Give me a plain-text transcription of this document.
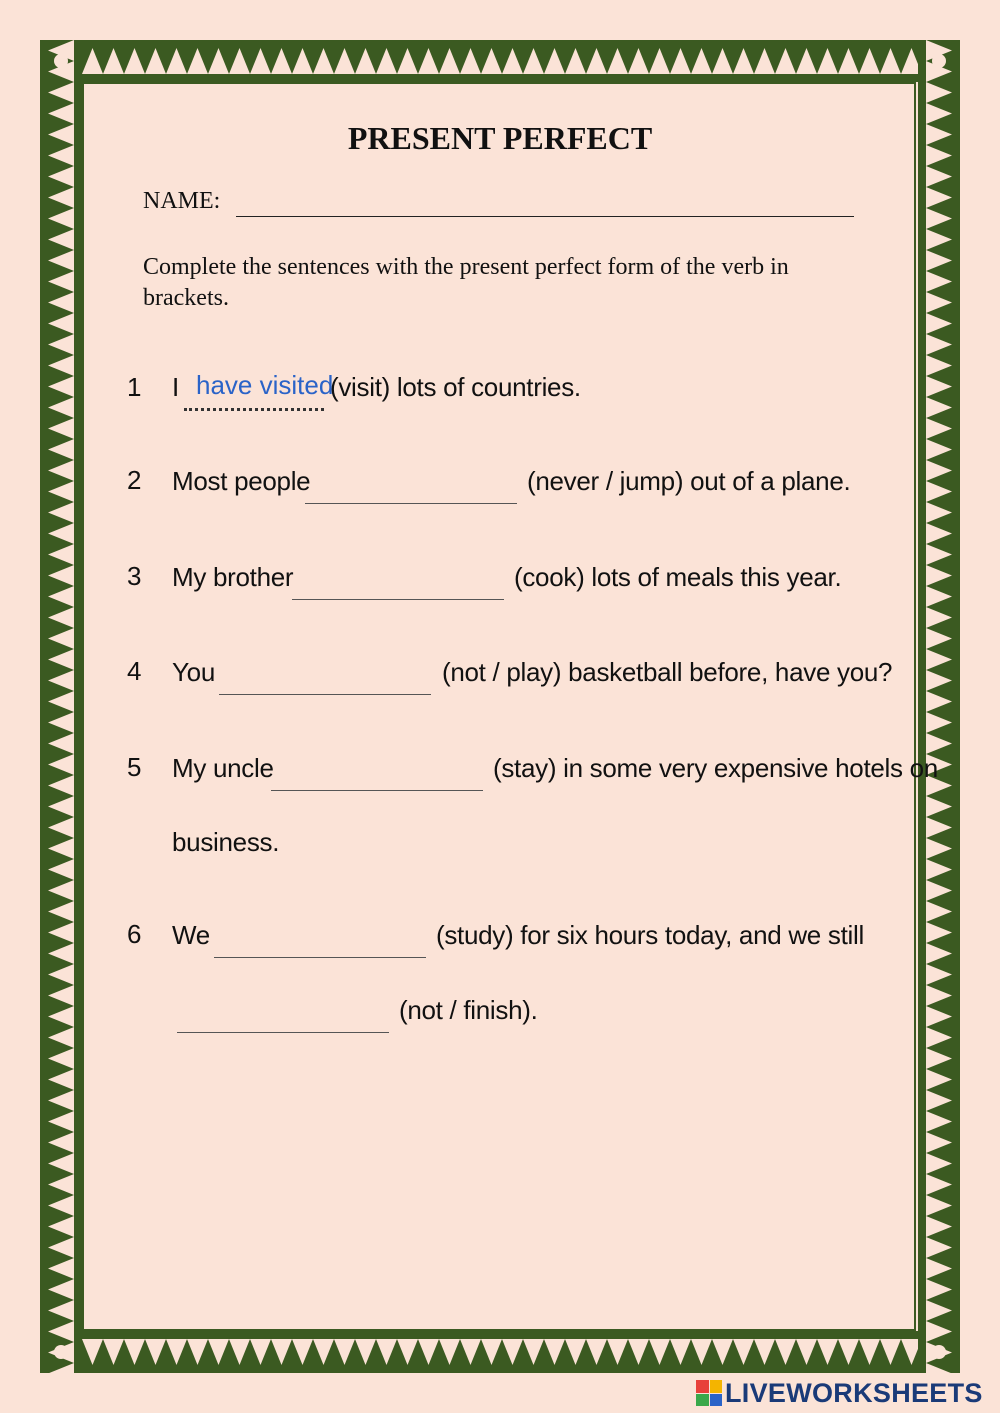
PRESENT PERFECT
NAME:
Complete the sentences with the present perfect form of the verb in brackets.
1 I have visited
(visit) lots of countries.
2 Most people	(never / jump) out of a plane.
3 My brother	(cook) lots of meals this year.
4 You	(not / play) basketball before, have you?
5 My uncle	(stay) in some very expensive hotels on
business.
6 We	(study) for six hours today, and we still
(not / finish).
LIVEWORKSHEETS
